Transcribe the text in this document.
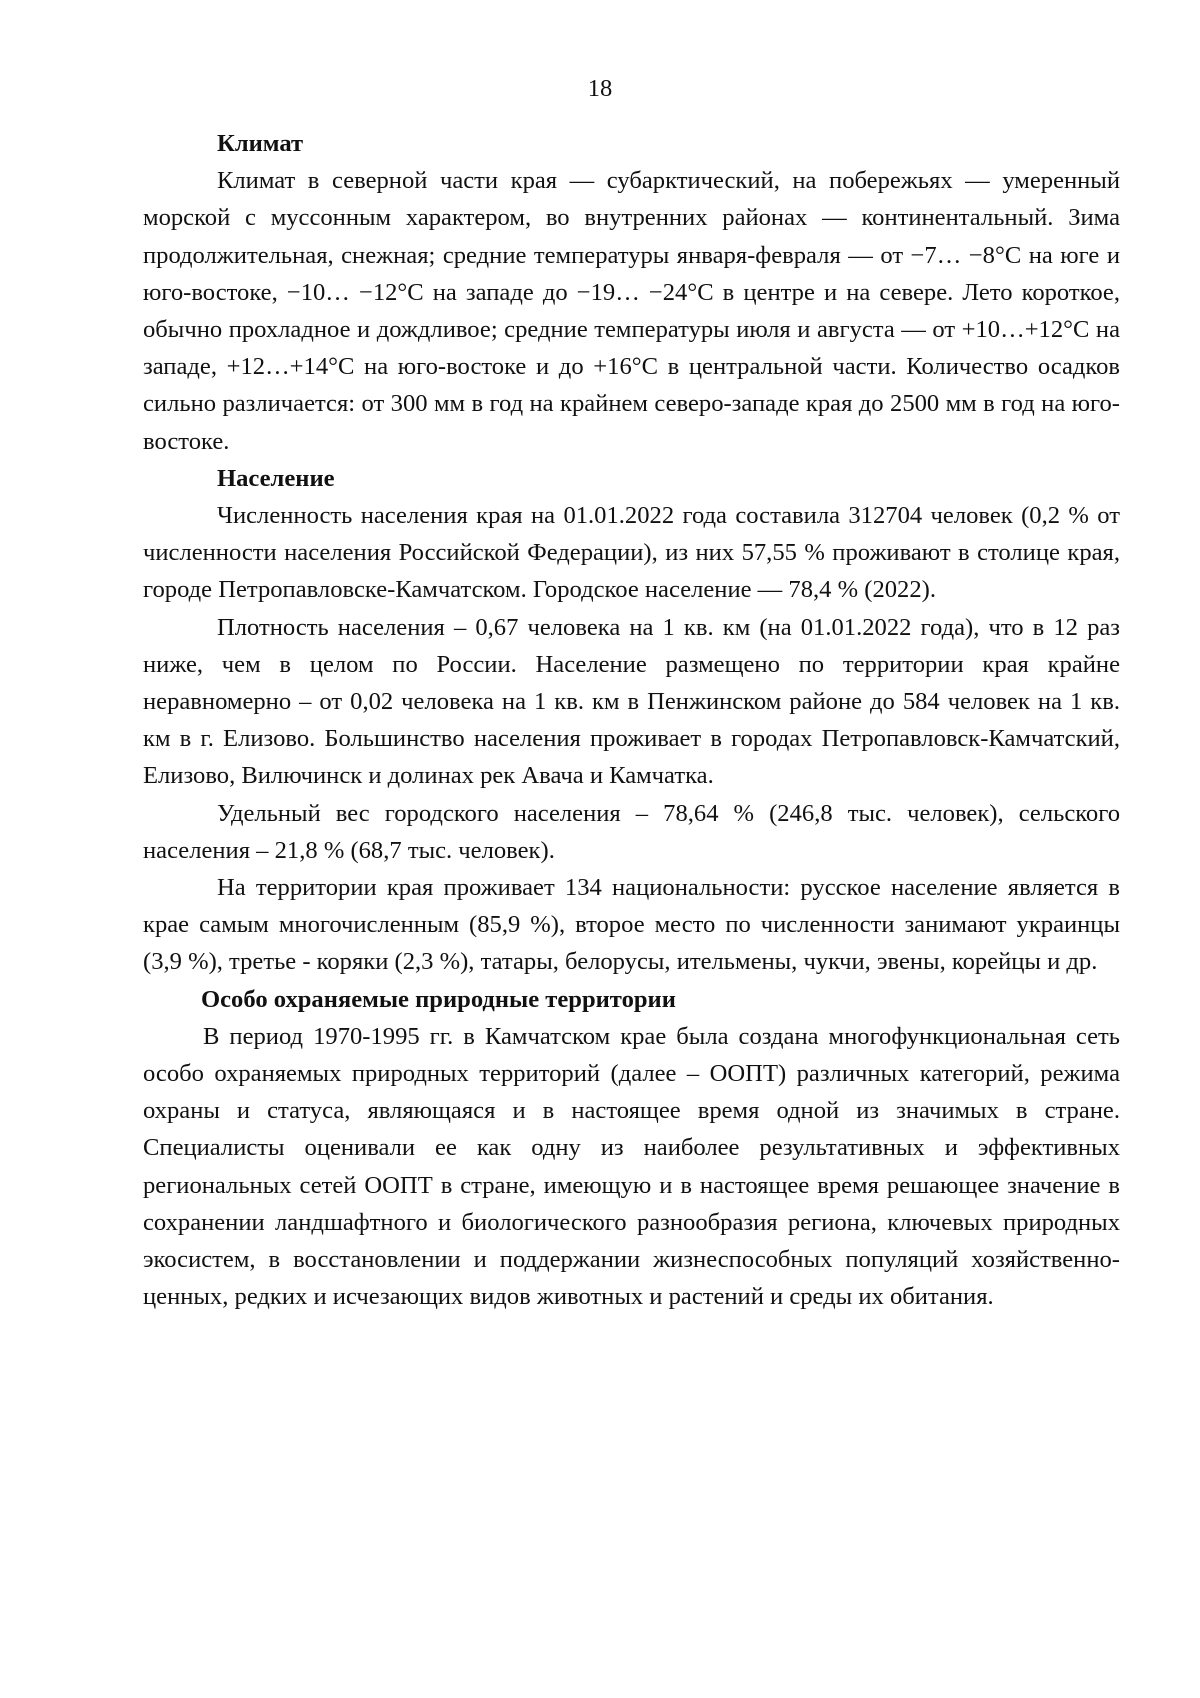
18
Климат

Климат в северной части края — субарктический, на побережьях — умеренный морской с муссонным характером, во внутренних районах — континентальный. Зима продолжительная, снежная; средние температуры января-февраля — от −7… −8°C на юге и юго-востоке, −10… −12°C на западе до −19… −24°C в центре и на севере. Лето короткое, обычно прохладное и дождливое; средние температуры июля и августа — от +10…+12°C на западе, +12…+14°C на юго-востоке и до +16°C в центральной части. Количество осадков сильно различается: от 300 мм в год на крайнем северо-западе края до 2500 мм в год на юго-востоке.

Население

Численность населения края на 01.01.2022 года составила 312704 человек (0,2 % от численности населения Российской Федерации), из них 57,55 % проживают в столице края, городе Петропавловске-Камчатском. Городское население — 78,4 % (2022).

Плотность населения – 0,67 человека на 1 кв. км (на 01.01.2022 года), что в 12 раз ниже, чем в целом по России. Население размещено по территории края крайне неравномерно – от 0,02 человека на 1 кв. км в Пенжинском районе до 584 человек на 1 кв. км в г. Елизово. Большинство населения проживает в городах Петропавловск-Камчатский, Елизово, Вилючинск и долинах рек Авача и Камчатка.

Удельный вес городского населения – 78,64 % (246,8 тыс. человек), сельского населения – 21,8 % (68,7 тыс. человек).

На территории края проживает 134 национальности: русское население является в крае самым многочисленным (85,9 %), второе место по численности занимают украинцы (3,9 %), третье - коряки (2,3 %), татары, белорусы, ительмены, чукчи, эвены, корейцы и др.

Особо охраняемые природные территории

В период 1970-1995 гг. в Камчатском крае была создана многофункциональная сеть особо охраняемых природных территорий (далее – ООПТ) различных категорий, режима охраны и статуса, являющаяся и в настоящее время одной из значимых в стране. Специалисты оценивали ее как одну из наиболее результативных и эффективных региональных сетей ООПТ в стране, имеющую и в настоящее время решающее значение в сохранении ландшафтного и биологического разнообразия региона, ключевых природных экосистем, в восстановлении и поддержании жизнеспособных популяций хозяйственно-ценных, редких и исчезающих видов животных и растений и среды их обитания.
